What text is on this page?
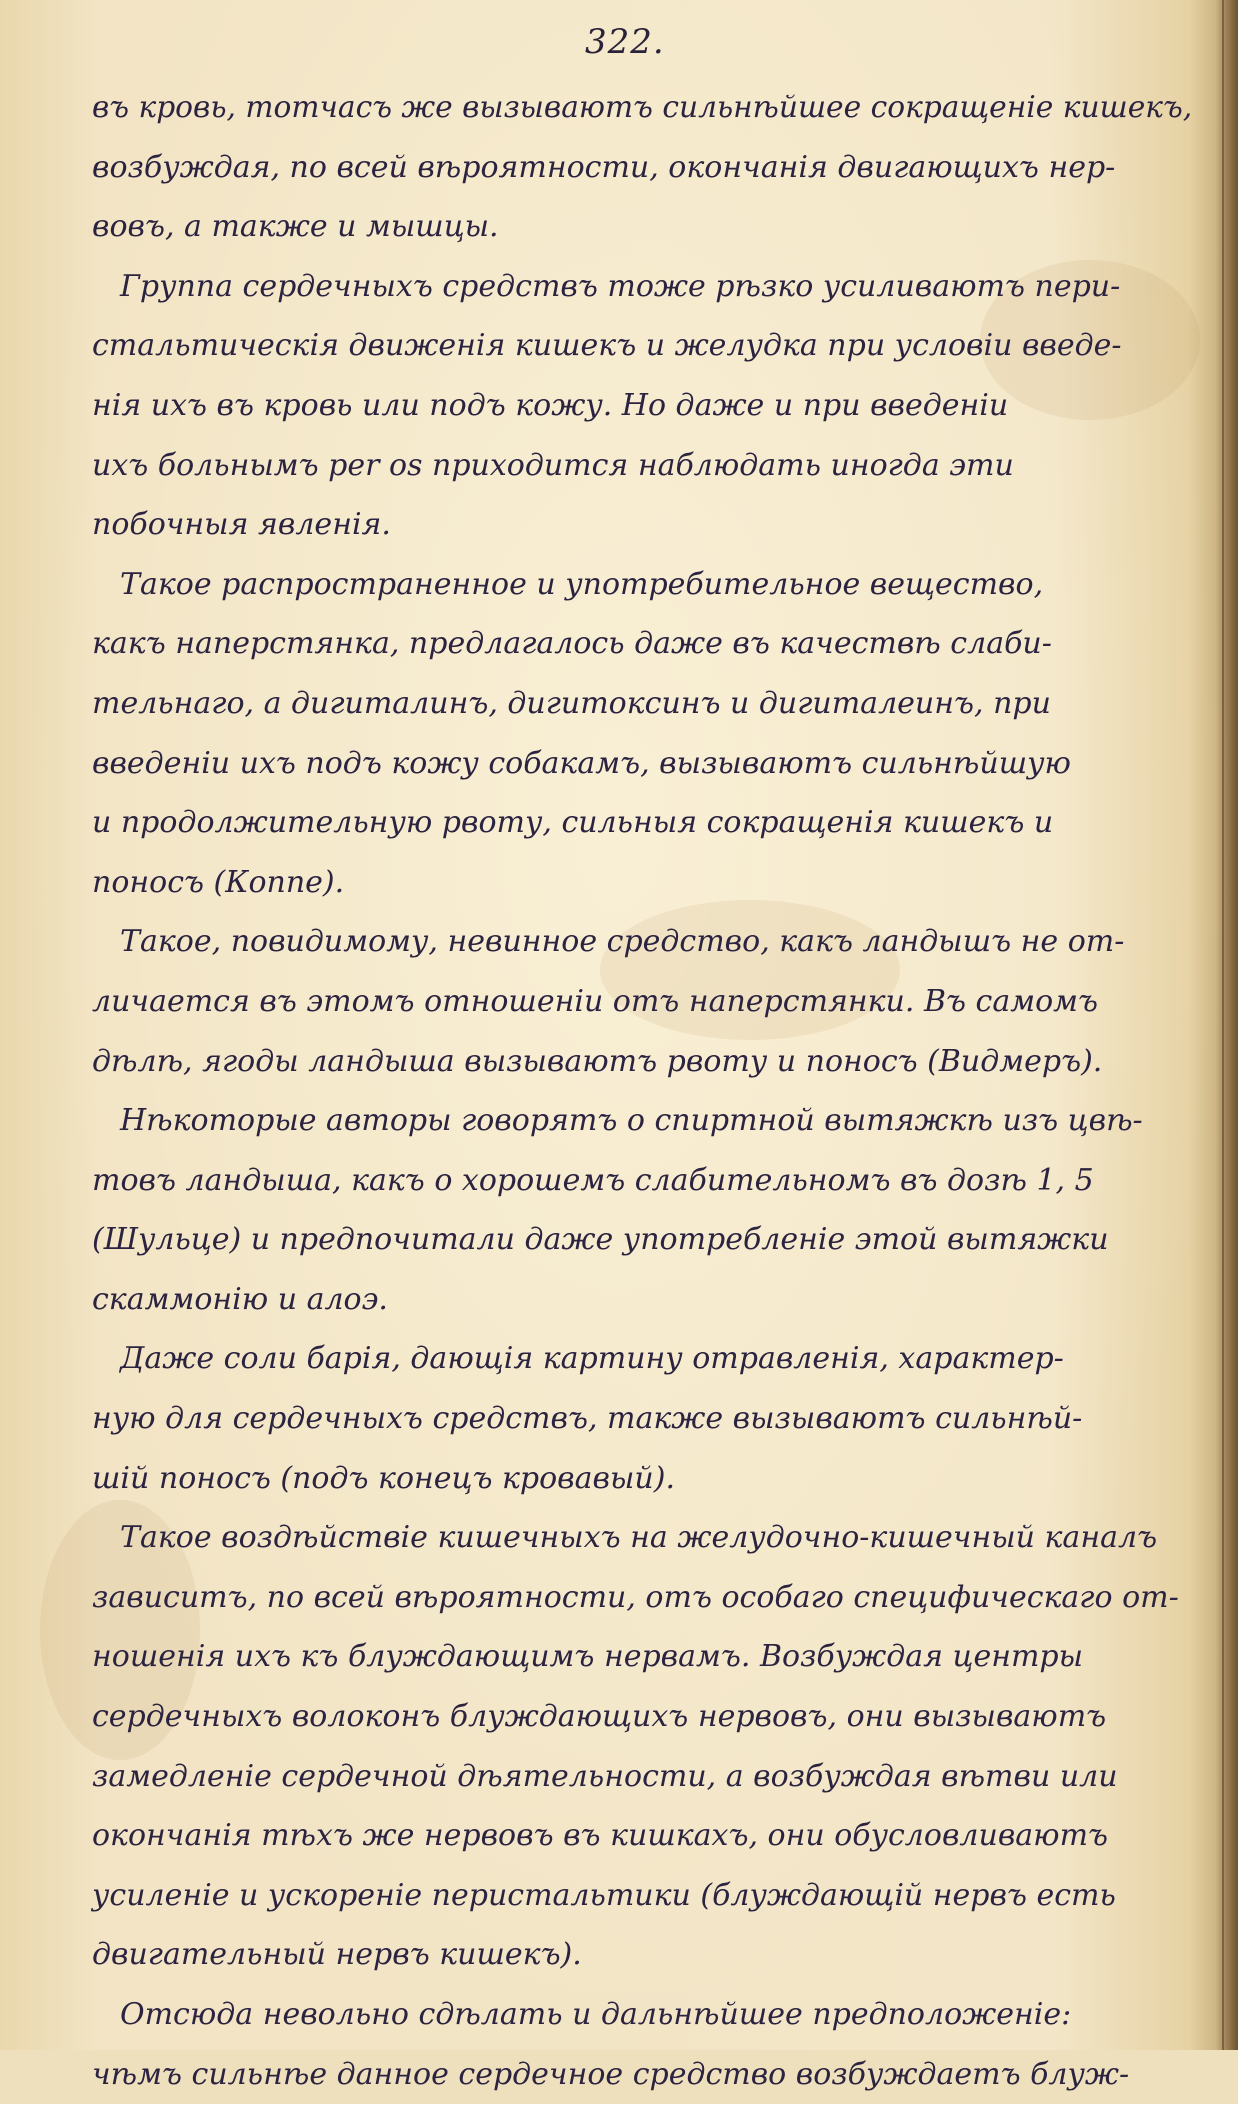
322.
въ кровь, тотчасъ же вызываютъ сильнѣйшее сокращеніе кишекъ,
возбуждая, по всей вѣроятности, окончанія двигающихъ нер-
вовъ, а также и мышцы.
Группа сердечныхъ средствъ тоже рѣзко усиливаютъ пери-
стальтическія движенія кишекъ и желудка при условіи введе-
нія ихъ въ кровь или подъ кожу. Но даже и при введеніи
ихъ больнымъ per os приходится наблюдать иногда эти
побочныя явленія.
Такое распространенное и употребительное вещество,
какъ наперстянка, предлагалось даже въ качествѣ слаби-
тельнаго, а дигиталинъ, дигитоксинъ и дигиталеинъ, при
введеніи ихъ подъ кожу собакамъ, вызываютъ сильнѣйшую
и продолжительную рвоту, сильныя сокращенія кишекъ и
поносъ (Коппе).
Такое, повидимому, невинное средство, какъ ландышъ не от-
личается въ этомъ отношеніи отъ наперстянки. Въ самомъ
дѣлѣ, ягоды ландыша вызываютъ рвоту и поносъ (Видмеръ).
Нѣкоторые авторы говорятъ о спиртной вытяжкѣ изъ цвѣ-
товъ ландыша, какъ о хорошемъ слабительномъ въ дозѣ 1, 5
(Шульце) и предпочитали даже употребленіе этой вытяжки
скаммонію и алоэ.
Даже соли барія, дающія картину отравленія, характер-
ную для сердечныхъ средствъ, также вызываютъ сильнѣй-
шій поносъ (подъ конецъ кровавый).
Такое воздѣйствіе кишечныхъ на желудочно-кишечный каналъ
зависитъ, по всей вѣроятности, отъ особаго специфическаго от-
ношенія ихъ къ блуждающимъ нервамъ. Возбуждая центры
сердечныхъ волоконъ блуждающихъ нервовъ, они вызываютъ
замедленіе сердечной дѣятельности, а возбуждая вѣтви или
окончанія тѣхъ же нервовъ въ кишкахъ, они обусловливаютъ
усиленіе и ускореніе перистальтики (блуждающій нервъ есть
двигательный нервъ кишекъ).
Отсюда невольно сдѣлать и дальнѣйшее предположеніе:
чѣмъ сильнѣе данное сердечное средство возбуждаетъ блуж-
